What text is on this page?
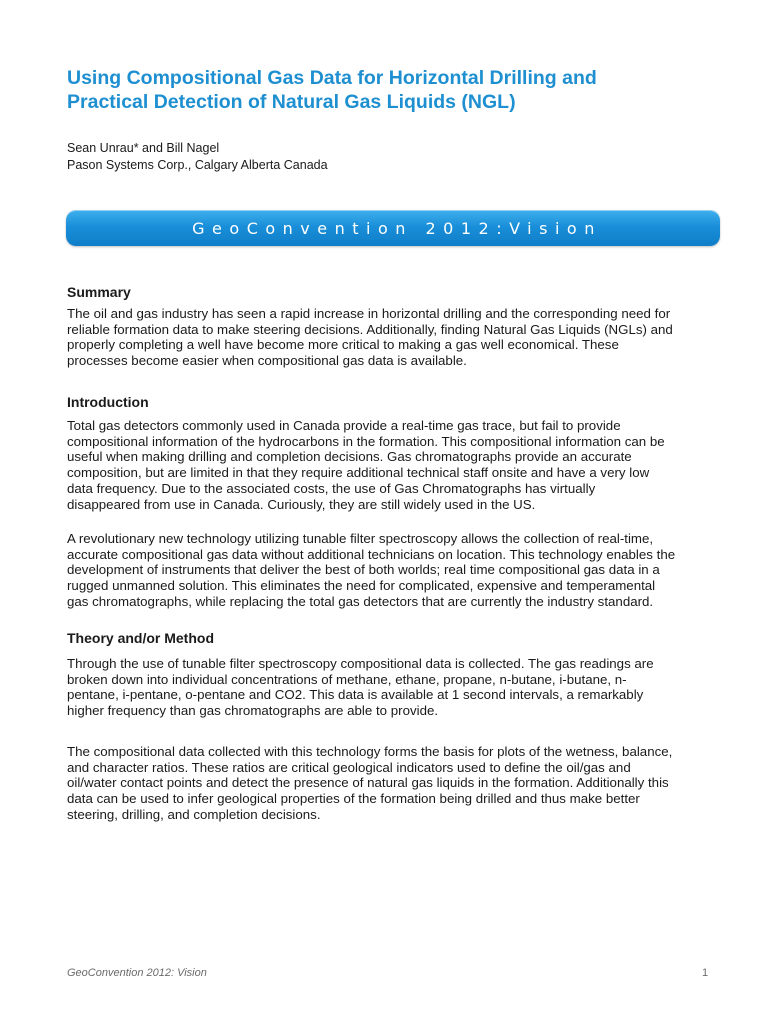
Using Compositional Gas Data for Horizontal Drilling and
Practical Detection of Natural Gas Liquids (NGL)
Sean Unrau* and Bill Nagel
Pason Systems Corp., Calgary Alberta Canada
GeoConvention 2012:Vision
Summary
The oil and gas industry has seen a rapid increase in horizontal drilling and the corresponding need for
reliable formation data to make steering decisions. Additionally, finding Natural Gas Liquids (NGLs) and
properly completing a well have become more critical to making a gas well economical. These
processes become easier when compositional gas data is available.
Introduction
Total gas detectors commonly used in Canada provide a real-time gas trace, but fail to provide
compositional information of the hydrocarbons in the formation. This compositional information can be
useful when making drilling and completion decisions. Gas chromatographs provide an accurate
composition, but are limited in that they require additional technical staff onsite and have a very low
data frequency. Due to the associated costs, the use of Gas Chromatographs has virtually
disappeared from use in Canada. Curiously, they are still widely used in the US.
A revolutionary new technology utilizing tunable filter spectroscopy allows the collection of real-time,
accurate compositional gas data without additional technicians on location. This technology enables the
development of instruments that deliver the best of both worlds; real time compositional gas data in a
rugged unmanned solution. This eliminates the need for complicated, expensive and temperamental
gas chromatographs, while replacing the total gas detectors that are currently the industry standard.
Theory and/or Method
Through the use of tunable filter spectroscopy compositional data is collected. The gas readings are
broken down into individual concentrations of methane, ethane, propane, n-butane, i-butane, n-
pentane, i-pentane, o-pentane and CO2. This data is available at 1 second intervals, a remarkably
higher frequency than gas chromatographs are able to provide.
The compositional data collected with this technology forms the basis for plots of the wetness, balance,
and character ratios. These ratios are critical geological indicators used to define the oil/gas and
oil/water contact points and detect the presence of natural gas liquids in the formation. Additionally this
data can be used to infer geological properties of the formation being drilled and thus make better
steering, drilling, and completion decisions.
GeoConvention 2012: Vision	1
